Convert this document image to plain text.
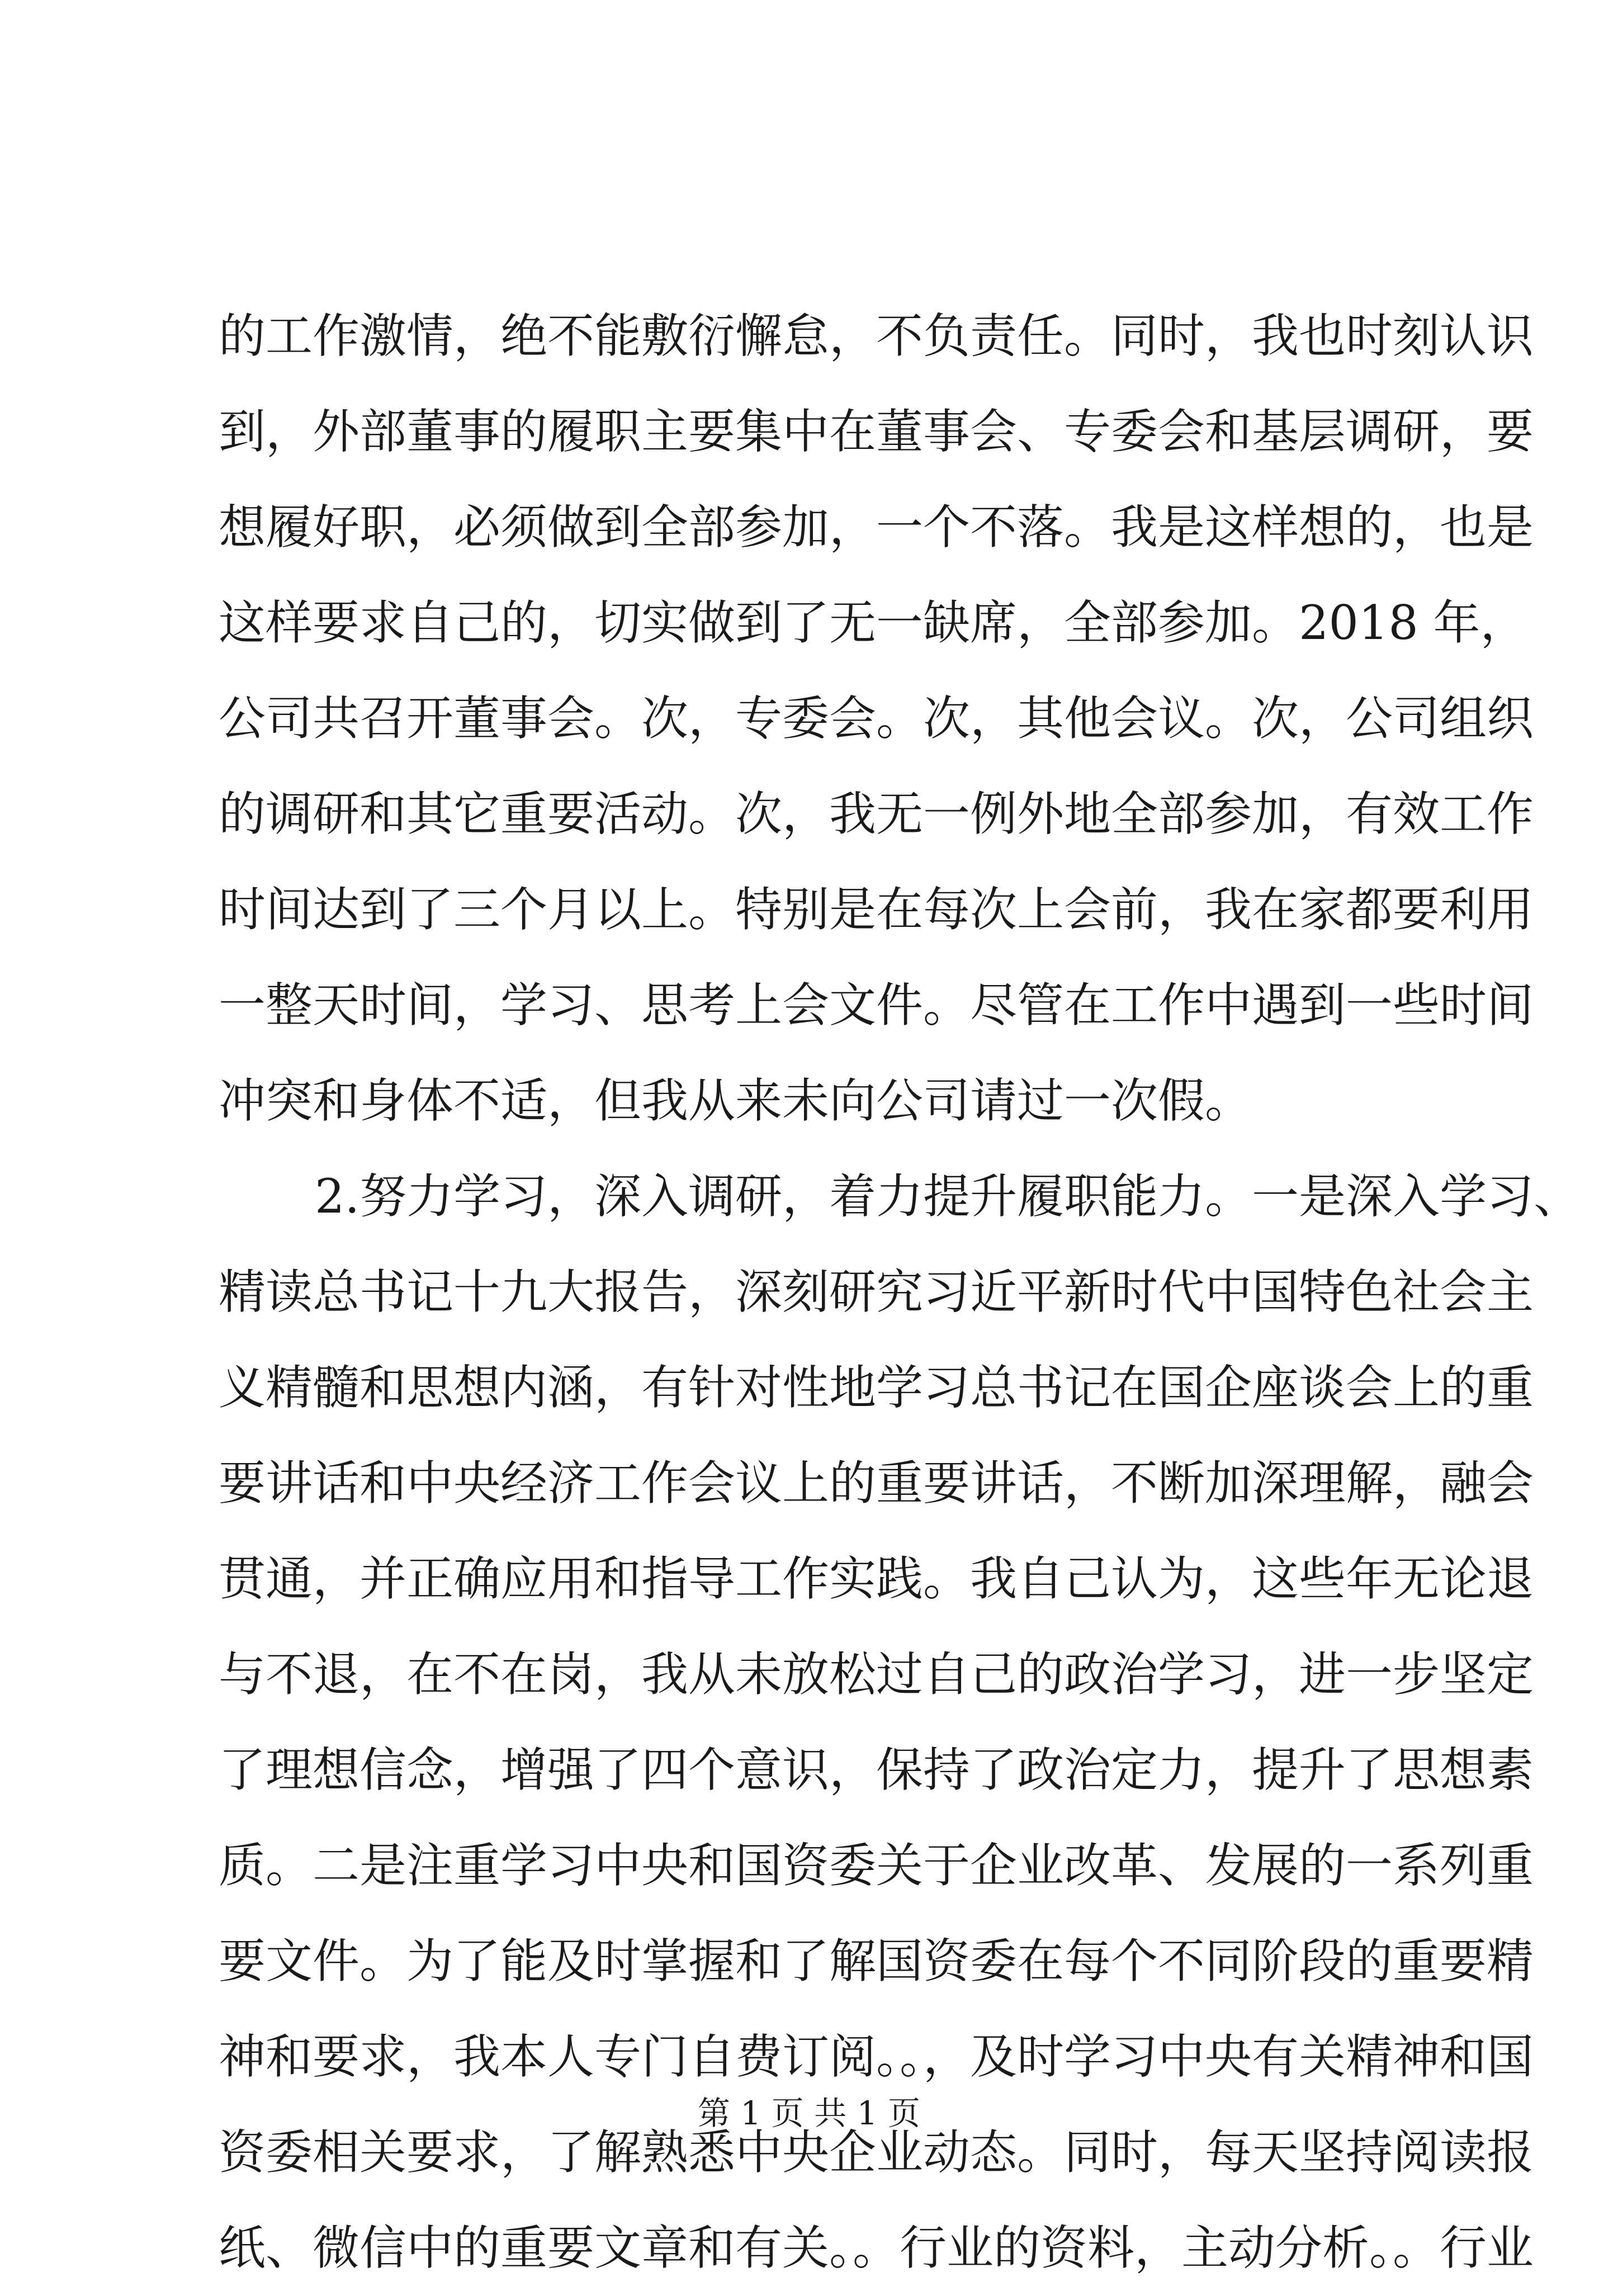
的工作激情，绝不能敷衍懈怠，不负责任。同时，我也时刻认识
到，外部董事的履职主要集中在董事会、专委会和基层调研，要
想履好职，必须做到全部参加，一个不落。我是这样想的，也是
这样要求自己的，切实做到了无一缺席，全部参加。2018 年，
公司共召开董事会。次，专委会。次，其他会议。次，公司组织
的调研和其它重要活动。次，我无一例外地全部参加，有效工作
时间达到了三个月以上。特别是在每次上会前，我在家都要利用
一整天时间，学习、思考上会文件。尽管在工作中遇到一些时间
冲突和身体不适，但我从来未向公司请过一次假。
2.努力学习，深入调研，着力提升履职能力。一是深入学习、
精读总书记十九大报告，深刻研究习近平新时代中国特色社会主
义精髓和思想内涵，有针对性地学习总书记在国企座谈会上的重
要讲话和中央经济工作会议上的重要讲话，不断加深理解，融会
贯通，并正确应用和指导工作实践。我自己认为，这些年无论退
与不退，在不在岗，我从未放松过自己的政治学习，进一步坚定
了理想信念，增强了四个意识，保持了政治定力，提升了思想素
质。二是注重学习中央和国资委关于企业改革、发展的一系列重
要文件。为了能及时掌握和了解国资委在每个不同阶段的重要精
神和要求，我本人专门自费订阅。。，及时学习中央有关精神和国
资委相关要求，了解熟悉中央企业动态。同时，每天坚持阅读报
纸、微信中的重要文章和有关。。行业的资料，主动分析。。行业
第 1 页 共 1 页
